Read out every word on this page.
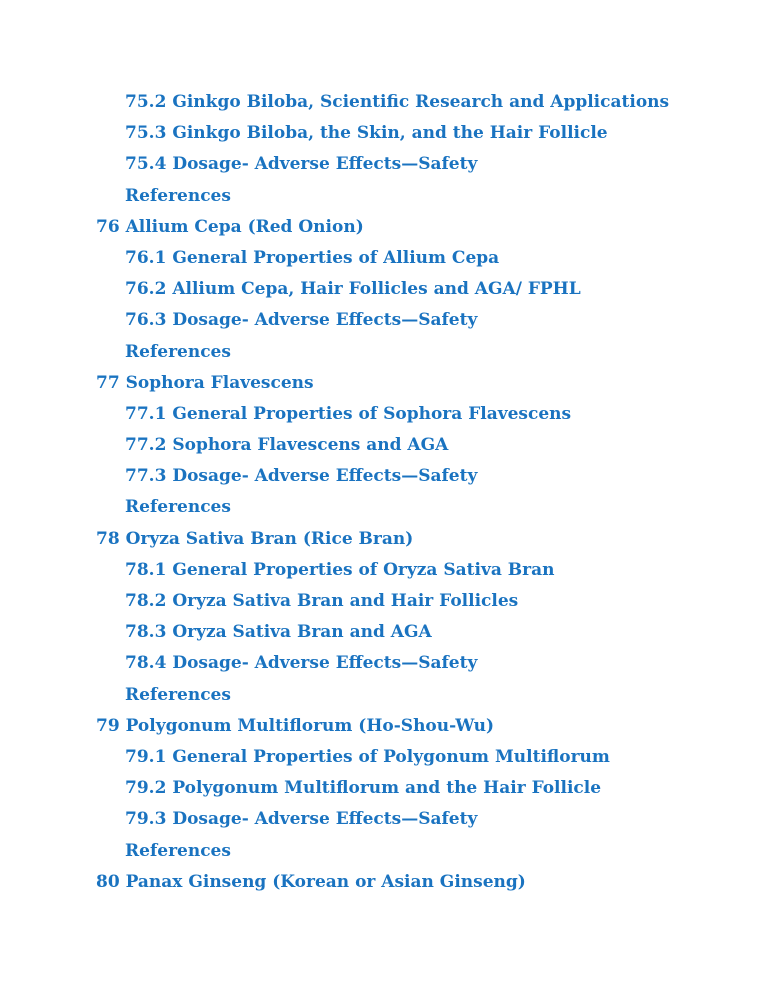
75.2 Ginkgo Biloba, Scientific Research and Applications
75.3 Ginkgo Biloba, the Skin, and the Hair Follicle
75.4 Dosage- Adverse Effects—Safety
References
76 Allium Cepa (Red Onion)
76.1 General Properties of Allium Cepa
76.2 Allium Cepa, Hair Follicles and AGA/ FPHL
76.3 Dosage- Adverse Effects—Safety
References
77 Sophora Flavescens
77.1 General Properties of Sophora Flavescens
77.2 Sophora Flavescens and AGA
77.3 Dosage- Adverse Effects—Safety
References
78 Oryza Sativa Bran (Rice Bran)
78.1 General Properties of Oryza Sativa Bran
78.2 Oryza Sativa Bran and Hair Follicles
78.3 Oryza Sativa Bran and AGA
78.4 Dosage- Adverse Effects—Safety
References
79 Polygonum Multiflorum (Ho-Shou-Wu)
79.1 General Properties of Polygonum Multiflorum
79.2 Polygonum Multiflorum and the Hair Follicle
79.3 Dosage- Adverse Effects—Safety
References
80 Panax Ginseng (Korean or Asian Ginseng)
